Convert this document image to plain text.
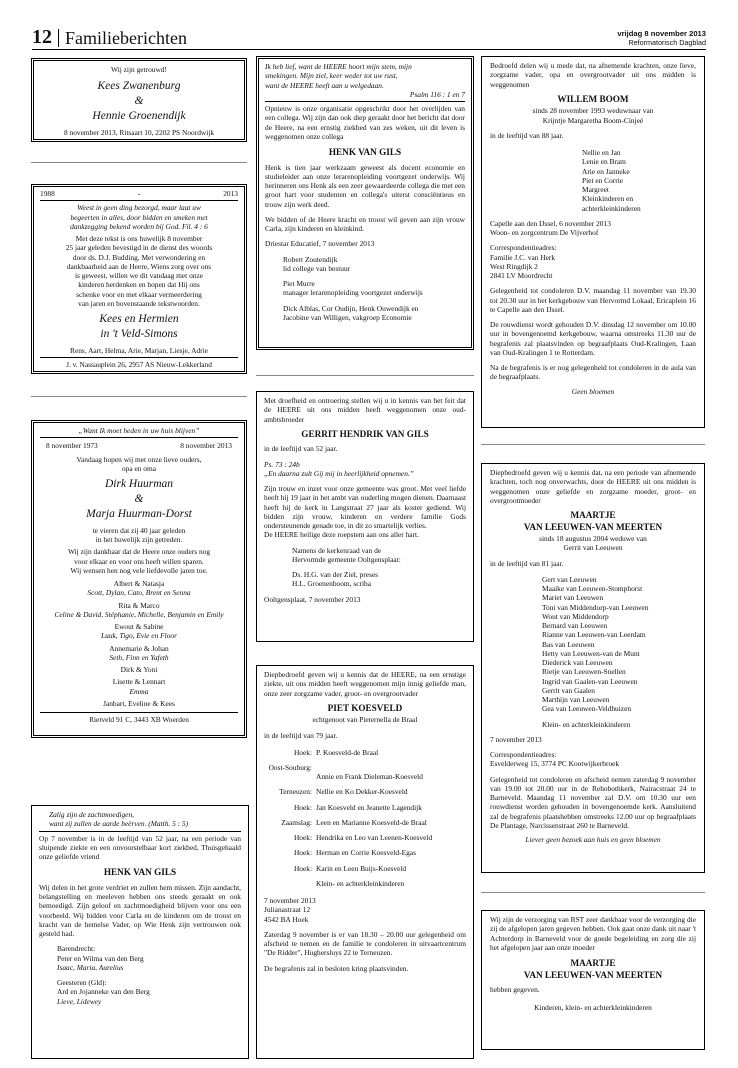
12 Familieberichten	vrijdag 8 november 2013
Reformatorisch Dagblad

Wij zijn getrouwd!

Kees Zwanenburg

&

Hennie Groenendijk

8 november 2013, Ritsaart 10, 2202 PS Noordwijk

1988	-	2013

Weest in geen ding bezorgd, maar laat uw

begeerten in alles, door bidden en smeken met

dankzegging bekend worden bij God. Fil. 4 : 6

Met deze tekst is ons huwelijk 8 november

25 jaar geleden bevestigd in de dienst des woords

door ds. D.J. Budding. Met verwondering en

dankbaarheid aan de Heere, Wiens zorg over ons

is geweest, willen we dit vandaag met onze

kinderen herdenken en hopen dat Hij ons

schenke voor en met elkaar vermeerdering

van jaren en bovenstaande tekstwoorden.

Kees en Hermien

in 't Veld-Simons

Rens, Aart, Helma, Arie, Marjan, Liesje, Adrie

J. v. Nassauplein 26, 2957 AS Nieuw-Lekkerland

„Want Ik moet heden in uw huis blijven”

8 november 1973	8 november 2013

Vandaag hopen wij met onze lieve ouders,

opa en oma

Dirk Huurman

&

Marja Huurman-Dorst

te vieren dat zij 40 jaar geleden

in het huwelijk zijn getreden.

Wij zijn dankbaar dat de Heere onze ouders nog

voor elkaar en voor ons heeft willen sparen.

Wij wensen hen nog vele liefdevolle jaren toe.

Albert & Natasja

Scott, Dylan, Cato, Brent en Senna

Rita & Marco

Celine & David, Stéphanie, Michelle, Benjamin en Emily

Ewout & Sabine

Luuk, Tigo, Evie en Floor

Annemarie & Johan

Seth, Finn en Yafeth

Dirk & Yoni

Lisette & Lennart

Emma

Janbart, Eveline & Kees

Rietveld 91 C, 3443 XB Woerden

Zalig zijn de zachtmoedigen,

want zij zullen de aarde beërven. (Matth. 5 : 5)

Op 7 november is in de leeftijd van 52 jaar, na een periode van sluipende ziekte en een onvoorstelbaar kort ziekbed, Thuisgehaald onze geliefde vriend

HENK VAN GILS

Wij delen in het grote verdriet en zullen hem missen. Zijn aandacht, belangstelling en meeleven hebben ons steeds geraakt en ook bemoedigd. Zijn geloof en zachtmoedigheid blijven voor ons een voorbeeld. Wij bidden voor Carla en de kinderen om de troost en kracht van de hemelse Vader, op Wie Henk zijn vertrouwen ook gesteld had.

Barendrecht:

Peter en Wilma van den Berg

Isaac, Maria, Aurelius

Geesteren (Gld):

Ard en Jojanneke van den Berg

Lieve, Lidewey

Ik heb lief, want de HEERE hoort mijn stem, mijn

smekingen. Mijn ziel, keer weder tot uw rust,

want de HEERE heeft aan u welgedaan.

Psalm 116 : 1 en 7

Opnieuw is onze organisatie opgeschrikt door het overlijden van een collega. Wij zijn dan ook diep geraakt door het bericht dat door de Heere, na een ernstig ziekbed van zes weken, uit dit leven is weggenomen onze collega

HENK VAN GILS

Henk is tien jaar werkzaam geweest als docent economie en studieleider aan onze lerarenopleiding voortgezet onderwijs. Wij herinneren ons Henk als een zeer gewaardeerde collega die met een groot hart voor studenten en collega's uiterst consciëntieus en trouw zijn werk deed.

We bidden of de Heere kracht en troost wil geven aan zijn vrouw Carla, zijn kinderen en kleinkind.

Driestar Educatief, 7 november 2013

Robert Zoutendijk

lid college van bestuur

Piet Murre

manager lerarenopleiding voortgezet onderwijs

Dick Alblas, Cor Oudijn, Henk Ouwendijk en

Jacobine van Willigen, vakgroep Economie

Met droefheid en ontroering stellen wij u in kennis van het feit dat de HEERE uit ons midden heeft weggenomen onze oud-ambtsbroeder

GERRIT HENDRIK VAN GILS

in de leeftijd van 52 jaar.

Ps. 73 : 24b

„En daarna zult Gij mij in heerlijkheid opnemen.”

Zijn trouw en inzet voor onze gemeente was groot. Met veel liefde heeft hij 19 jaar in het ambt van ouderling mogen dienen. Daarnaast heeft hij de kerk in Langstraat 27 jaar als koster gediend. Wij bidden zijn vrouw, kinderen en verdere familie Gods ondersteunende genade toe, in dit zo smartelijk verlies.

De HEERE heilige deze roepstem aan ons aller hart.

Namens de kerkenraad van de

Hervormde gemeente Ooltgensplaat:

Ds. H.G. van der Ziel, preses

H.L. Groenenboom, scriba

Ooltgensplaat, 7 november 2013

Diepbedroefd geven wij u kennis dat de HEERE, na een ernstige ziekte, uit ons midden heeft weggenomen mijn innig geliefde man, onze zeer zorgzame vader, groot- en overgrootvader

PIET KOESVELD

echtgenoot van Pieternella de Braal

in de leeftijd van 79 jaar.

Hoek: P. Koesveld-de Braal
Oost-Souburg:
Annie en Frank Dieleman-Koesveld
Terneuzen: Nellie en Ko Dekker-Koesveld
Hoek: Jan Koesveld en Jeanette Lagendijk
Zaamslag: Leen en Marianne Koesveld-de Braal
Hoek: Hendrika en Leo van Leenen-Koesveld
Hoek: Herman en Corrie Koesveld-Egas
Hoek: Karin en Leen Buijs-Koesveld
Klein- en achterkleinkinderen

7 november 2013

Julianastraat 12

4542 BA Hoek

Zaterdag 9 november is er van 18.30 – 20.00 uur gelegenheid om afscheid te nemen en de familie te condoleren in uitvaartcentrum "De Ridder", Hughersluys 22 te Terneuzen.

De begrafenis zal in besloten kring plaatsvinden.

Bedroefd delen wij u mede dat, na afnemende krachten, onze lieve, zorgzame vader, opa en overgrootvader uit ons midden is weggenomen

WILLEM BOOM

sinds 28 november 1993 weduwnaar van

Krijntje Margaretha Boom-Cinjeé

in de leeftijd van 88 jaar.

Nellie en Jan

Lenie en Bram

Arie en Janneke

Piet en Corrie

Margreet

Kleinkinderen en

achterkleinkinderen

Capelle aan den IJssel, 6 november 2013

Woon- en zorgcentrum De Vijverhof

Correspondentieadres:

Familie J.C. van Herk

West Ringdijk 2

2841 LV Moordrecht

Gelegenheid tot condoleren D.V. maandag 11 november van 19.30 tot 20.30 uur in het kerkgebouw van Hervormd Lokaal, Ericaplein 16 te Capelle aan den IJssel.

De rouwdienst wordt gehouden D.V. dinsdag 12 november om 10.00 uur in bovengenoemd kerkgebouw, waarna omstreeks 11.30 uur de begrafenis zal plaatsvinden op begraafplaats Oud-Kralingen, Laan van Oud-Kralingen 1 te Rotterdam.

Na de begrafenis is er nog gelegenheid tot condoleren in de aula van de begraafplaats.

Geen bloemen

Diepbedroefd geven wij u kennis dat, na een periode van afnemende krachten, toch nog onverwachts, door de HEERE uit ons midden is weggenomen onze geliefde en zorgzame moeder, groot- en overgrootmoeder

MAARTJE

VAN LEEUWEN-VAN MEERTEN

sinds 18 augustus 2004 weduwe van

Gerrit van Leeuwen

in de leeftijd van 81 jaar.

Gert van Leeuwen

Maaike van Leeuwen-Stomphorst

Mariet van Leeuwen

Toni van Middendorp-van Leeuwen

Wout van Middendorp

Bernard van Leeuwen

Rianne van Leeuwen-van Leerdam

Bas van Leeuwen

Hetty van Leeuwen-van de Munt

Diederick van Leeuwen

Rietje van Leeuwen-Snellen

Ingrid van Gaalen-van Leeuwen

Gerrit van Gaalen

Marthijn van Leeuwen

Gea van Leeuwen-Veldhuizen

Klein- en achterkleinkinderen

7 november 2013

Correspondentieadres:

Esvelderweg 15, 3774 PC Kootwijkerbroek

Gelegenheid tot condoleren en afscheid nemen zaterdag 9 november van 19.00 tot 20.00 uur in de Rehobothkerk, Nairacstraat 24 te Barneveld. Maandag 11 november zal D.V. om 10.30 uur een rouwdienst worden gehouden in bovengenoemde kerk. Aansluitend zal de begrafenis plaatshebben omstreeks 12.00 uur op begraafplaats De Plantage, Narcissenstraat 260 te Barneveld.

Liever geen bezoek aan huis en geen bloemen

Wij zijn de verzorging van RST zeer dankbaar voor de verzorging die zij de afgelopen jaren gegeven hebben. Ook gaat onze dank uit naar 't Achterdorp in Barneveld voor de goede begeleiding en zorg die zij het afgelopen jaar aan onze moeder

MAARTJE

VAN LEEUWEN-VAN MEERTEN

hebben gegeven.

Kinderen, klein- en achterkleinkinderen
